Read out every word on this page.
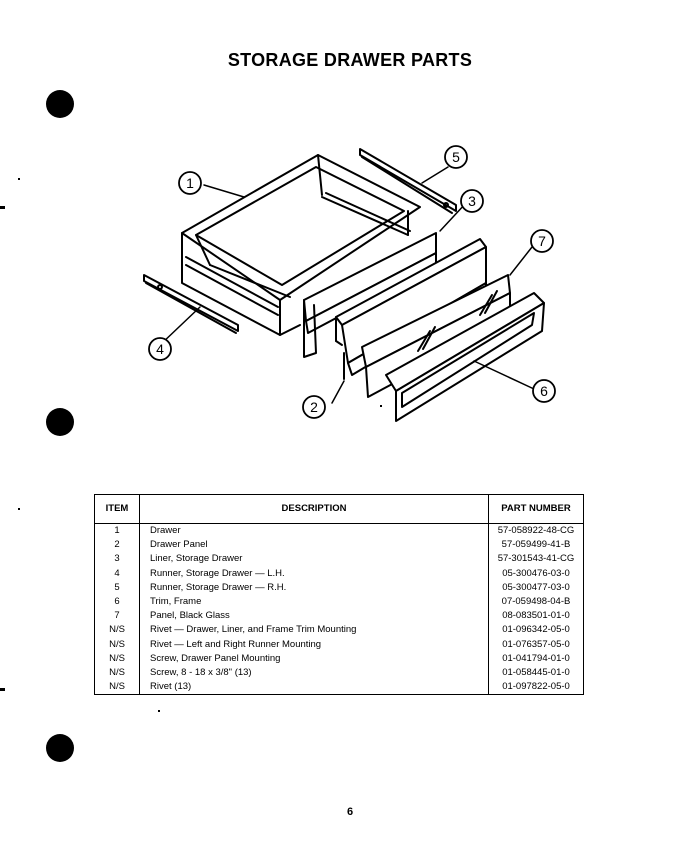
STORAGE DRAWER PARTS
1
2
3
4
5
6
7
ITEM	DESCRIPTION	PART NUMBER
1	Drawer	57-058922-48-CG
2	Drawer Panel	57-059499-41-B
3	Liner, Storage Drawer	57-301543-41-CG
4	Runner, Storage Drawer — L.H.	05-300476-03-0
5	Runner, Storage Drawer — R.H.	05-300477-03-0
6	Trim, Frame	07-059498-04-B
7	Panel, Black Glass	08-083501-01-0
N/S	Rivet — Drawer, Liner, and Frame Trim Mounting	01-096342-05-0
N/S	Rivet — Left and Right Runner Mounting	01-076357-05-0
N/S	Screw, Drawer Panel Mounting	01-041794-01-0
N/S	Screw, 8 - 18 x 3/8" (13)	01-058445-01-0
N/S	Rivet (13)	01-097822-05-0

6
